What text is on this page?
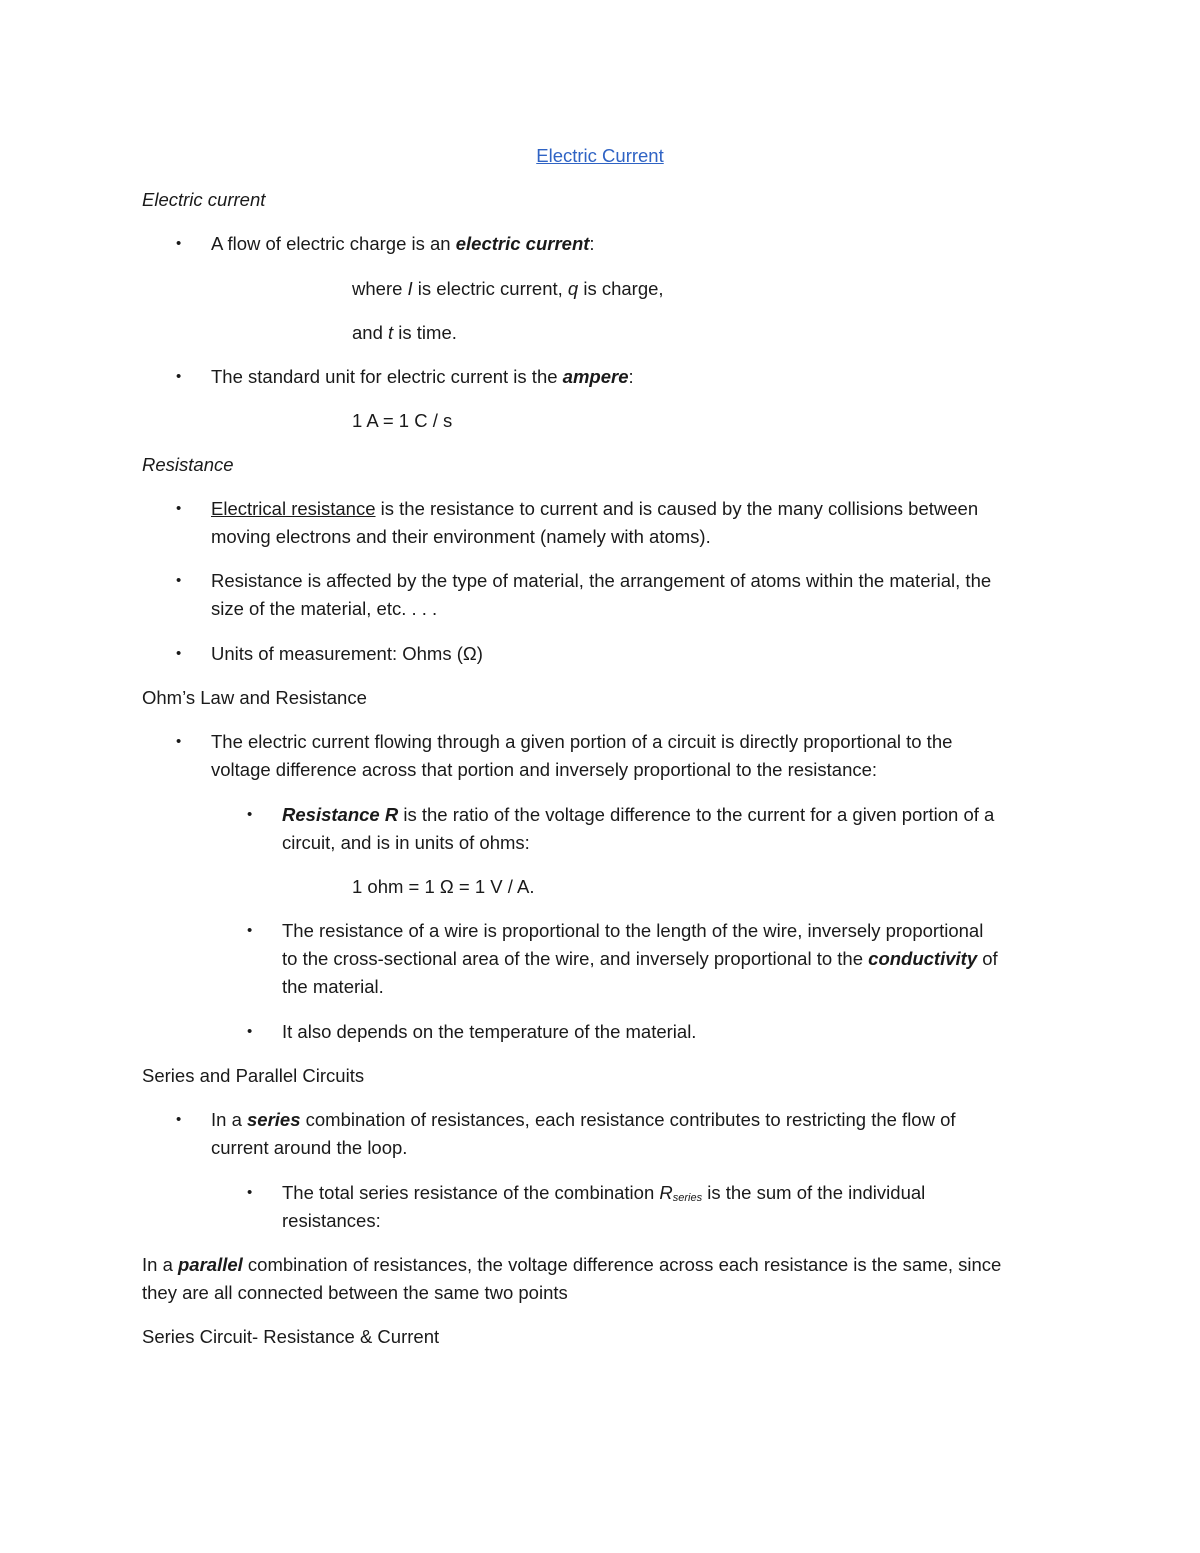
Electric Current
Electric current
• A flow of electric charge is an electric current:
where I is electric current, q is charge,
and t is time.
• The standard unit for electric current is the ampere:
1 A = 1 C / s
Resistance
• Electrical resistance is the resistance to current and is caused by the many collisions between
moving electrons and their environment (namely with atoms).
• Resistance is affected by the type of material, the arrangement of atoms within the material, the
size of the material, etc. . . .
• Units of measurement: Ohms (Ω)
Ohm’s Law and Resistance
• The electric current flowing through a given portion of a circuit is directly proportional to the
voltage difference across that portion and inversely proportional to the resistance:
• Resistance R is the ratio of the voltage difference to the current for a given portion of a
circuit, and is in units of ohms:
1 ohm = 1 Ω = 1 V / A.
• The resistance of a wire is proportional to the length of the wire, inversely proportional
to the cross-sectional area of the wire, and inversely proportional to the conductivity of
the material.
• It also depends on the temperature of the material.
Series and Parallel Circuits
• In a series combination of resistances, each resistance contributes to restricting the flow of
current around the loop.
• The total series resistance of the combination Rseries is the sum of the individual
resistances:
In a parallel combination of resistances, the voltage difference across each resistance is the same, since
they are all connected between the same two points
Series Circuit- Resistance & Current
